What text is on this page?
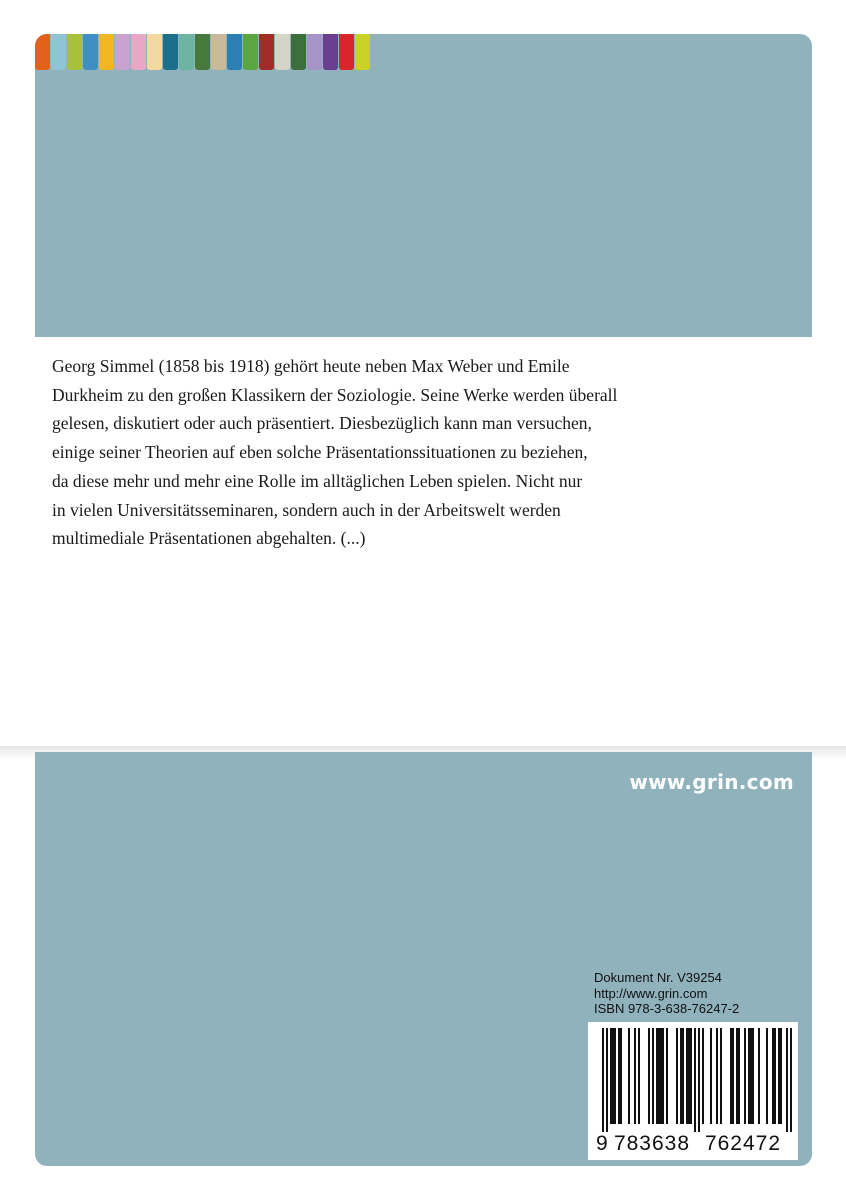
Georg Simmel (1858 bis 1918) gehört heute neben Max Weber und Emile
Durkheim zu den großen Klassikern der Soziologie. Seine Werke werden überall
gelesen, diskutiert oder auch präsentiert. Diesbezüglich kann man versuchen,
einige seiner Theorien auf eben solche Präsentationssituationen zu beziehen,
da diese mehr und mehr eine Rolle im alltäglichen Leben spielen. Nicht nur
in vielen Universitätsseminaren, sondern auch in der Arbeitswelt werden
multimediale Präsentationen abgehalten. (...)
www.grin.com
Dokument Nr. V39254
http://www.grin.com
ISBN 978-3-638-76247-2
9 783638 762472
